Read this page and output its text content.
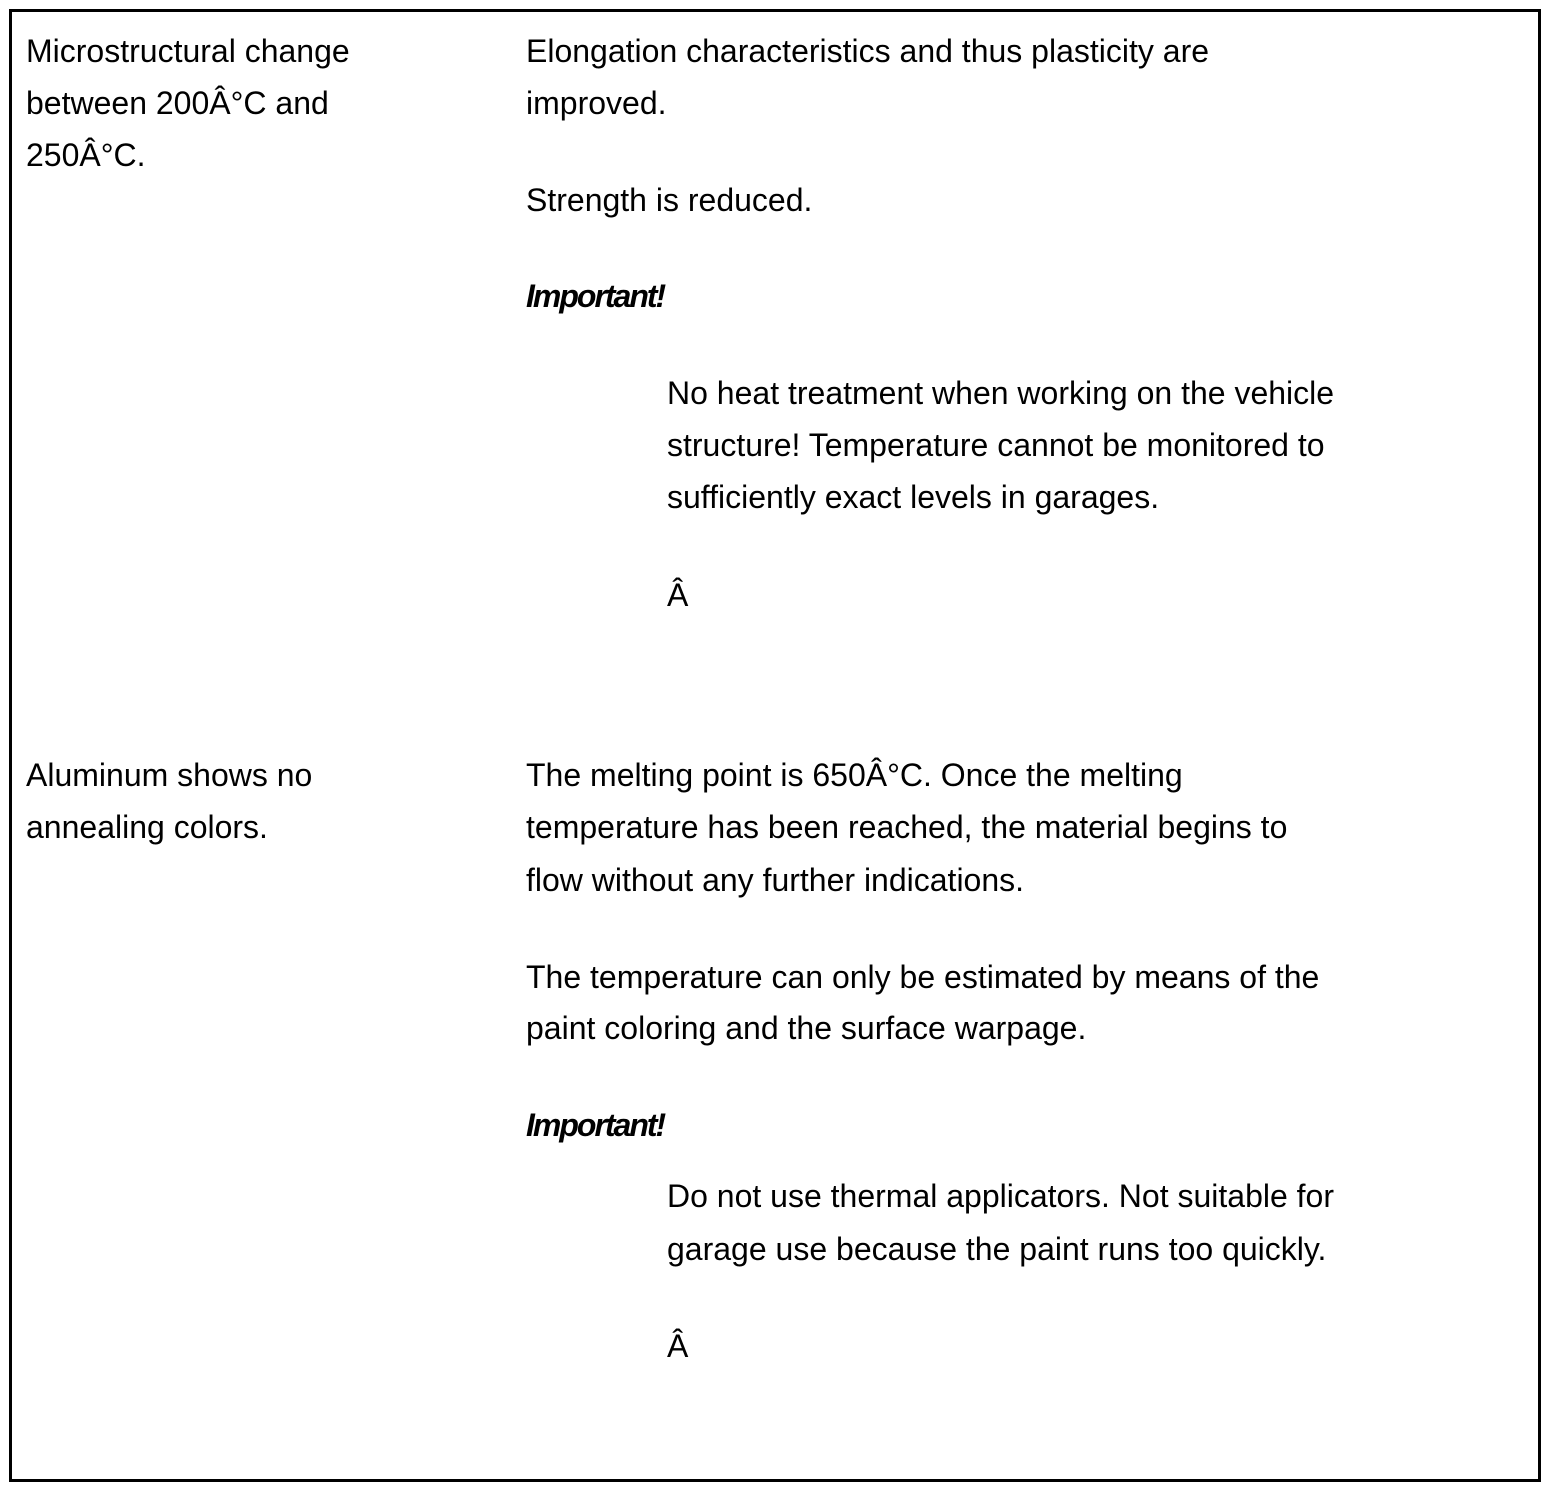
Microstructural change
between 200Â°C and
250Â°C.
Elongation characteristics and thus plasticity are
improved.
Strength is reduced.
Important!
No heat treatment when working on the vehicle
structure! Temperature cannot be monitored to
sufficiently exact levels in garages.
Â
Aluminum shows no
annealing colors.
The melting point is 650Â°C. Once the melting
temperature has been reached, the material begins to
flow without any further indications.
The temperature can only be estimated by means of the
paint coloring and the surface warpage.
Important!
Do not use thermal applicators. Not suitable for
garage use because the paint runs too quickly.
Â
